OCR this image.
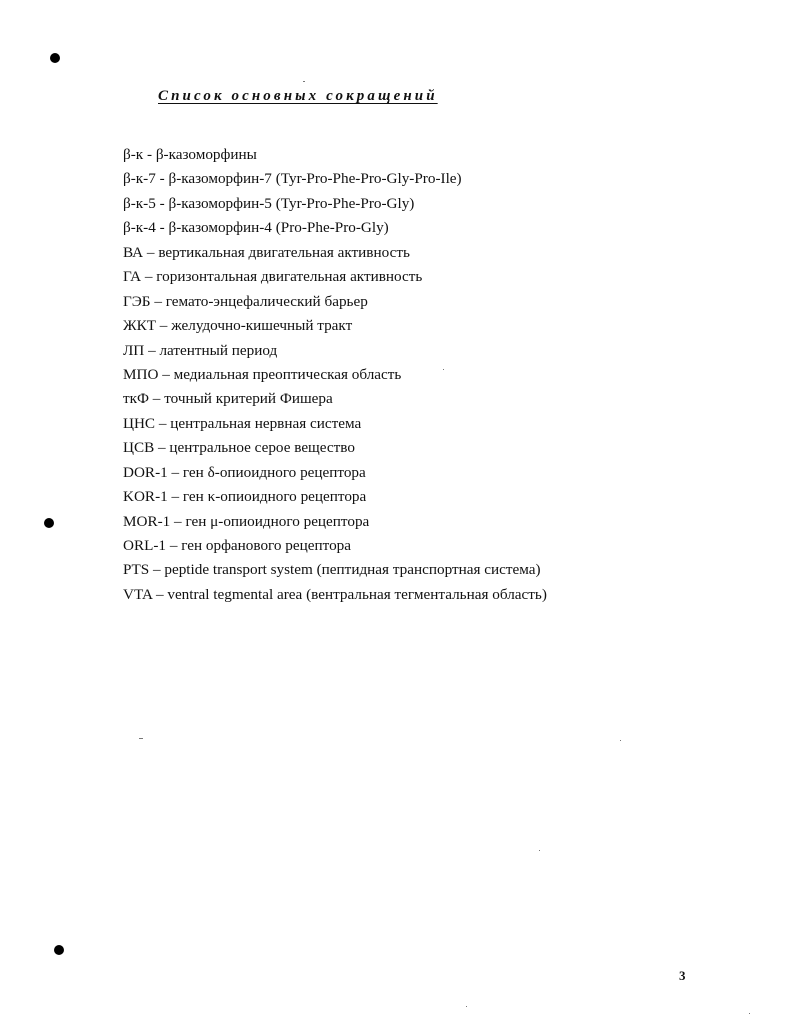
Список основных сокращений
β-к - β-казоморфины
β-к-7 - β-казоморфин-7 (Tyr-Pro-Phe-Pro-Gly-Pro-Ile)
β-к-5 - β-казоморфин-5 (Tyr-Pro-Phe-Pro-Gly)
β-к-4 - β-казоморфин-4 (Pro-Phe-Pro-Gly)
ВА – вертикальная двигательная активность
ГА – горизонтальная двигательная активность
ГЭБ – гемато-энцефалический барьер
ЖКТ – желудочно-кишечный тракт
ЛП – латентный период
МПО – медиальная преоптическая область
ткФ – точный критерий Фишера
ЦНС – центральная нервная система
ЦСВ – центральное серое вещество
DOR-1 – ген δ-опиоидного рецептора
KOR-1 – ген κ-опиоидного рецептора
MOR-1 – ген μ-опиоидного рецептора
ORL-1 – ген орфанового рецептора
PTS – peptide transport system (пептидная транспортная система)
VTA – ventral tegmental area (вентральная тегментальная область)
3
